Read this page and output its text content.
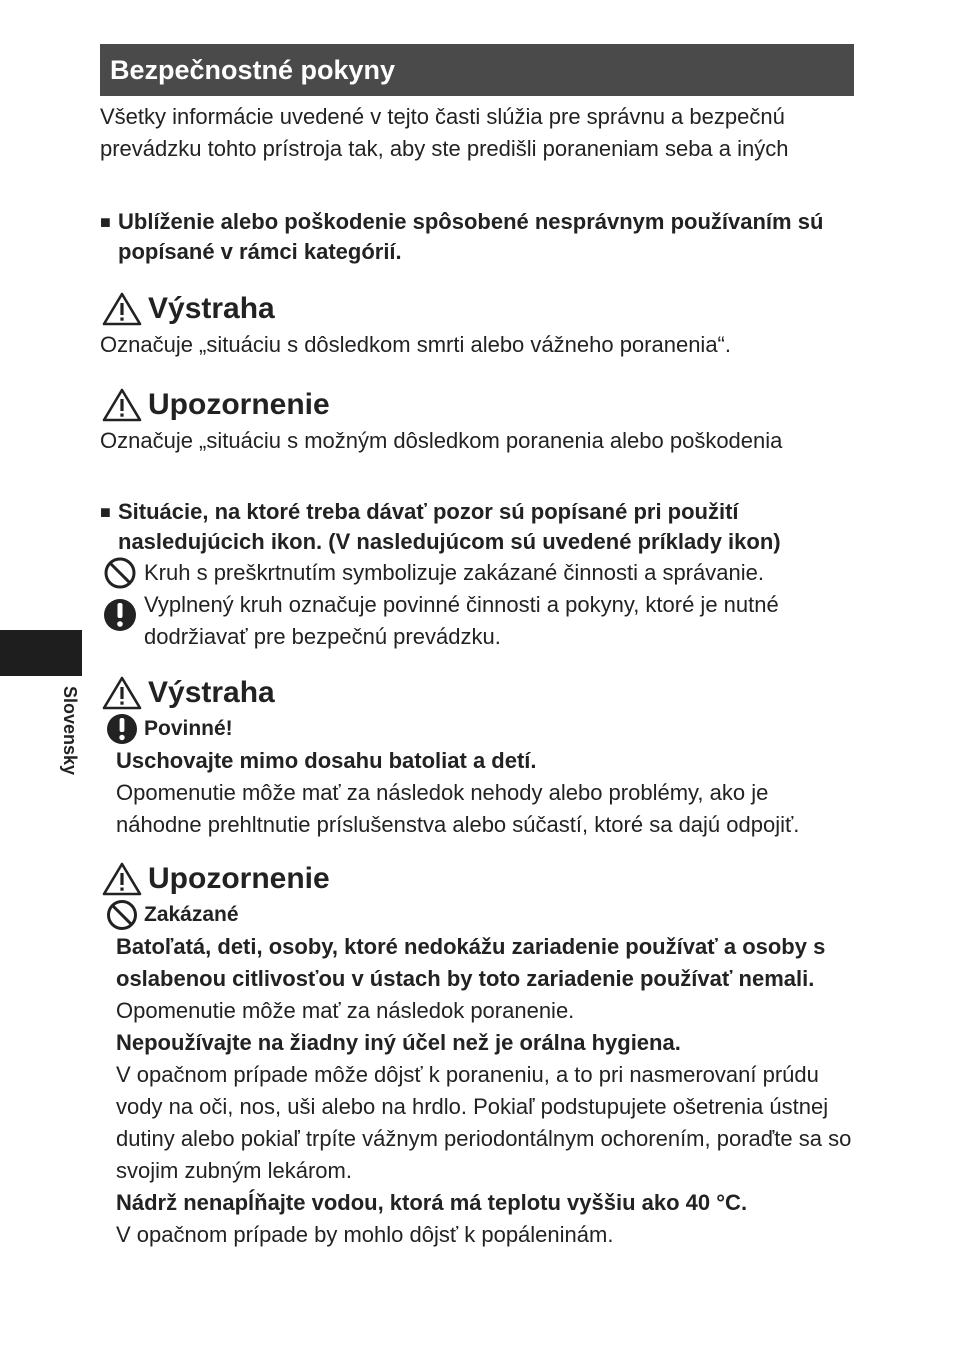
Slovensky
Bezpečnostné pokyny

Všetky informácie uvedené v tejto časti slúžia pre správnu a bezpečnú prevádzku tohto prístroja tak, aby ste predišli poraneniam seba a iných

■ Ublíženie alebo poškodenie spôsobené nesprávnym používaním sú popísané v rámci kategórií.
Výstraha

Označuje „situáciu s dôsledkom smrti alebo vážneho poranenia“.

Upozornenie

Označuje „situáciu s možným dôsledkom poranenia alebo poškodenia

■ Situácie, na ktoré treba dávať pozor sú popísané pri použití nasledujúcich ikon. (V nasledujúcom sú uvedené príklady ikon)
Kruh s preškrtnutím symbolizuje zakázané činnosti a správanie.
Vyplnený kruh označuje povinné činnosti a pokyny, ktoré je nutné dodržiavať pre bezpečnú prevádzku.
Výstraha
Povinné!

Uschovajte mimo dosahu batoliat a detí.

Opomenutie môže mať za následok nehody alebo problémy, ako je náhodne prehltnutie príslušenstva alebo súčastí, ktoré sa dajú odpojiť.

Upozornenie
Zakázané

Batoľatá, deti, osoby, ktoré nedokážu zariadenie používať a osoby s oslabenou citlivosťou v ústach by toto zariadenie používať nemali.

Opomenutie môže mať za následok poranenie.

Nepoužívajte na žiadny iný účel než je orálna hygiena.

V opačnom prípade môže dôjsť k poraneniu, a to pri nasmerovaní prúdu vody na oči, nos, uši alebo na hrdlo. Pokiaľ podstupujete ošetrenia ústnej dutiny alebo pokiaľ trpíte vážnym periodontálnym ochorením, poraďte sa so svojim zubným lekárom.

Nádrž nenapĺňajte vodou, ktorá má teplotu vyššiu ako 40 °C.

V opačnom prípade by mohlo dôjsť k popáleninám.
